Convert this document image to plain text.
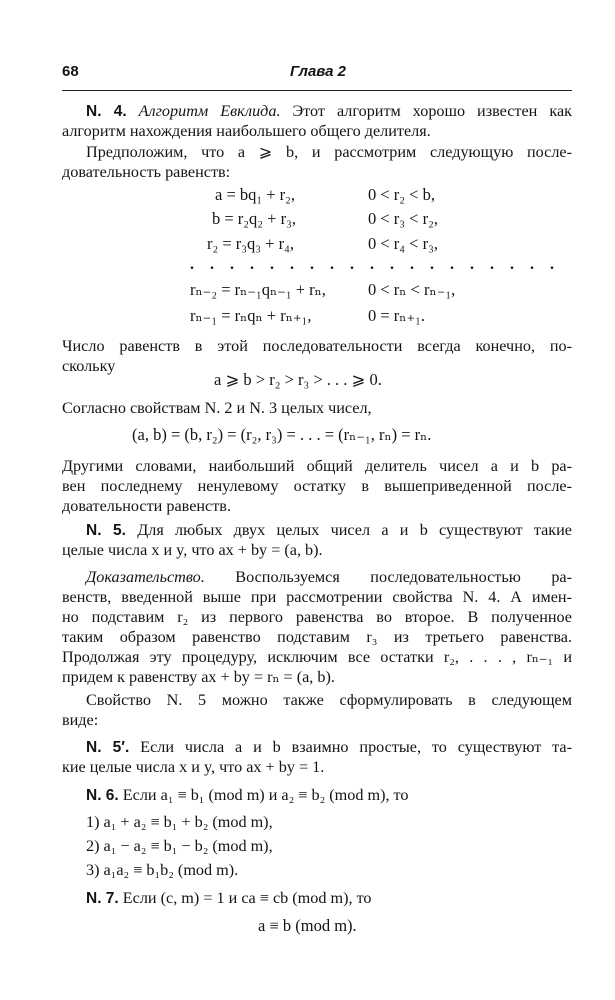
68	Глава 2
N. 4. Алгоритм Евклида. Этот алгоритм хорошо известен как
алгоритм нахождения наибольшего общего делителя.
Предположим, что a ⩾ b, и рассмотрим следующую после-
довательность равенств:
a = bq₁ + r₂,	0 < r₂ < b,
b = r₂q₂ + r₃,	0 < r₃ < r₂,
r₂ = r₃q₃ + r₄,	0 < r₄ < r₃,
. . . . . . . . . . . . . . . . . . .
rₙ₋₂ = rₙ₋₁qₙ₋₁ + rₙ,	0 < rₙ < rₙ₋₁,
rₙ₋₁ = rₙqₙ + rₙ₊₁,	0 = rₙ₊₁.
Число равенств в этой последовательности всегда конечно, по-
скольку
a ⩾ b > r₂ > r₃ > . . . ⩾ 0.
Согласно свойствам N. 2 и N. 3 целых чисел,
(a, b) = (b, r₂) = (r₂, r₃) = . . . = (rₙ₋₁, rₙ) = rₙ.
Другими словами, наибольший общий делитель чисел a и b ра-
вен последнему ненулевому остатку в вышеприведенной после-
довательности равенств.
N. 5. Для любых двух целых чисел a и b существуют такие
целые числа x и y, что ax + by = (a, b).
Доказательство. Воспользуемся последовательностью ра-
венств, введенной выше при рассмотрении свойства N. 4. А имен-
но подставим r₂ из первого равенства во второе. В полученное
таким образом равенство подставим r₃ из третьего равенства.
Продолжая эту процедуру, исключим все остатки r₂, . . . , rₙ₋₁ и
придем к равенству ax + by = rₙ = (a, b).
Свойство N. 5 можно также сформулировать в следующем
виде:
N. 5′. Если числа a и b взаимно простые, то существуют та-
кие целые числа x и y, что ax + by = 1.
N. 6. Если a₁ ≡ b₁ (mod m) и a₂ ≡ b₂ (mod m), то
1) a₁ + a₂ ≡ b₁ + b₂ (mod m),
2) a₁ − a₂ ≡ b₁ − b₂ (mod m),
3) a₁a₂ ≡ b₁b₂ (mod m).
N. 7. Если (c, m) = 1 и ca ≡ cb (mod m), то
a ≡ b (mod m).
